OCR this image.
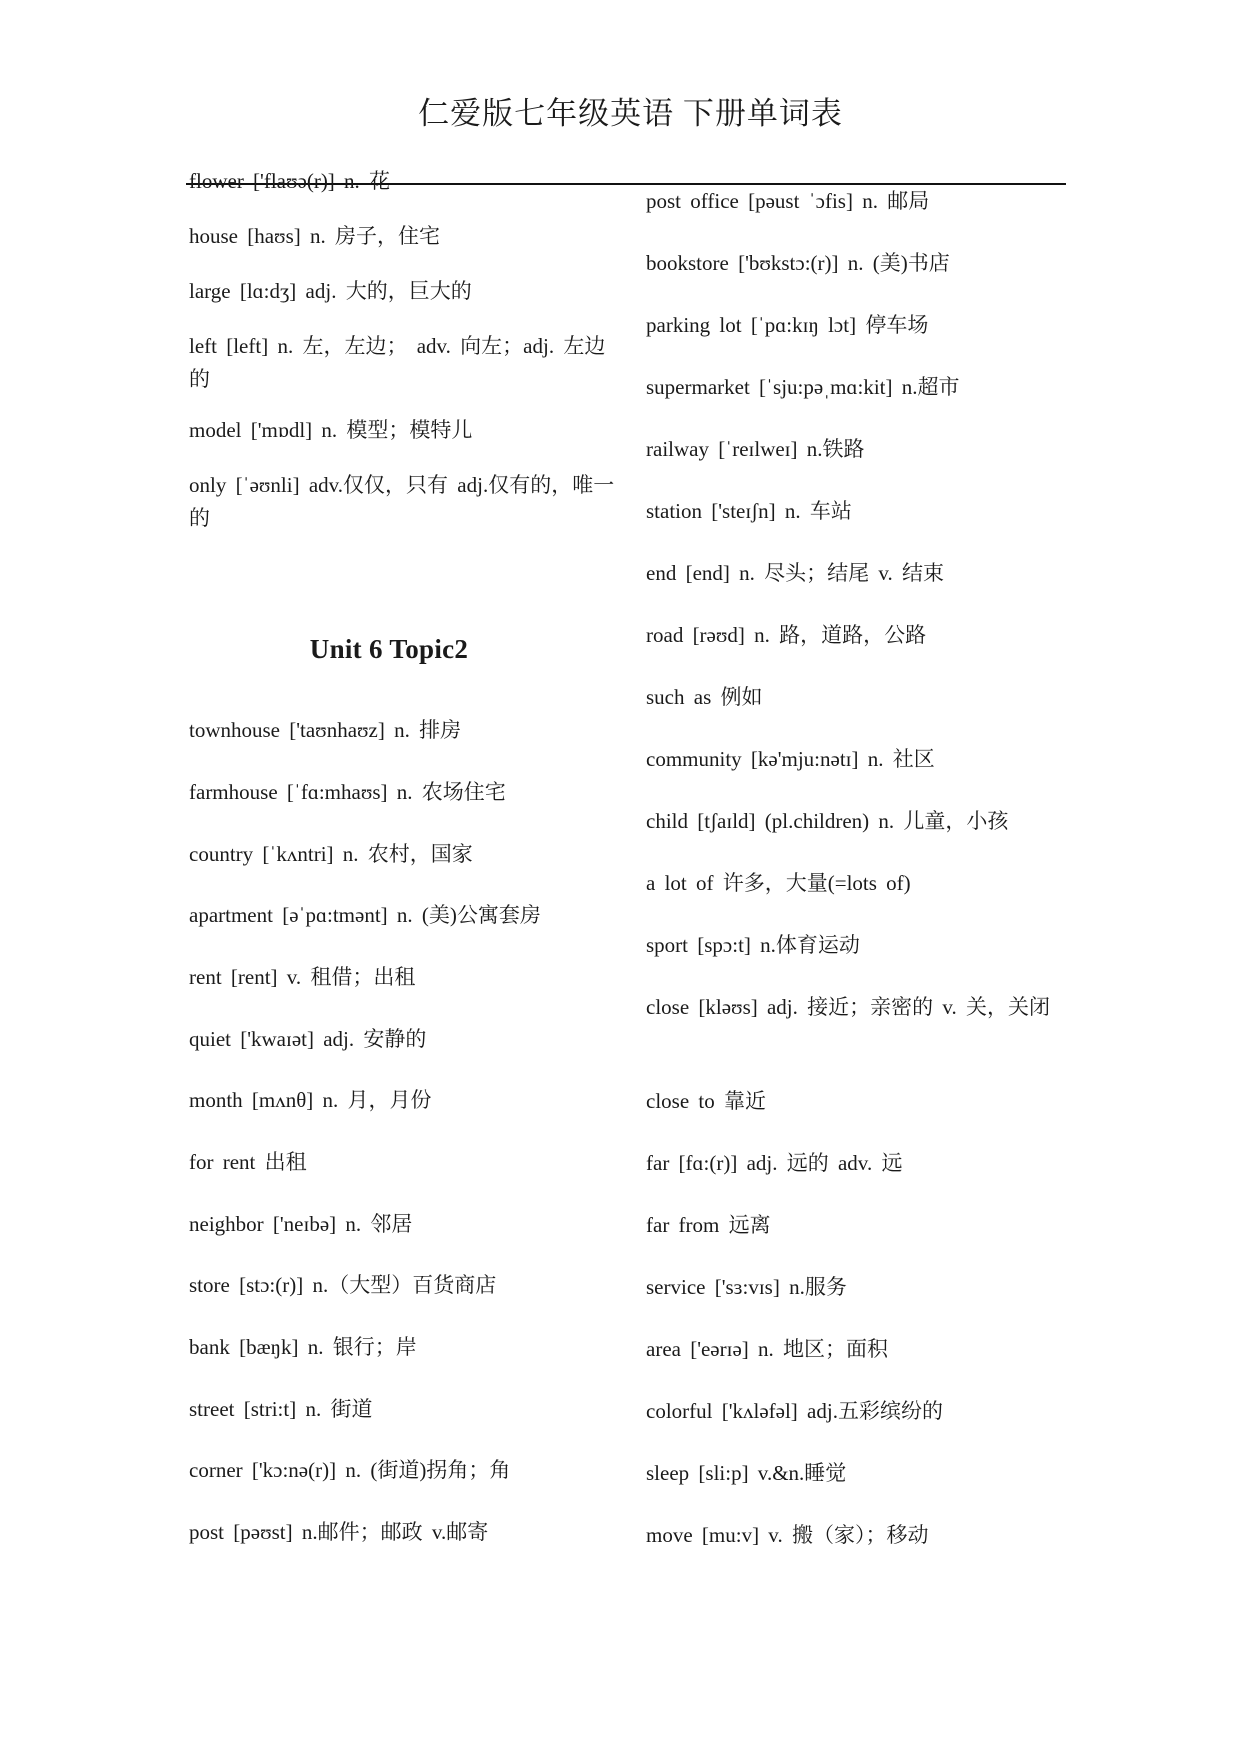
仁爱版七年级英语 下册单词表
flower ['flaʊə(r)] n. 花
house [haʊs] n. 房子，住宅
large [lɑ:dʒ] adj. 大的，巨大的
left [left] n. 左，左边； adv. 向左；adj. 左边的
model ['mɒdl] n. 模型；模特儿
only [ˈəʊnli] adv.仅仅，只有 adj.仅有的，唯一的
Unit 6 Topic2
townhouse ['taʊnhaʊz] n. 排房
farmhouse [ˈfɑ:mhaʊs] n. 农场住宅
country [ˈkʌntri] n. 农村，国家
apartment [əˈpɑ:tmənt] n. (美)公寓套房
rent [rent] v. 租借；出租
quiet ['kwaɪət] adj. 安静的
month [mʌnθ] n. 月，月份
for rent 出租
neighbor ['neɪbə] n. 邻居
store [stɔ:(r)] n.（大型）百货商店
bank [bæŋk] n. 银行；岸
street [stri:t] n. 街道
corner ['kɔ:nə(r)] n. (街道)拐角；角
post [pəʊst] n.邮件；邮政 v.邮寄
post office [pəust ˈɔfis] n. 邮局
bookstore ['bʊkstɔ:(r)] n. (美)书店
parking lot [ˈpɑ:kɪŋ lɔt] 停车场
supermarket [ˈsju:pəˌmɑ:kit] n.超市
railway [ˈreɪlweɪ] n.铁路
station ['steɪʃn] n. 车站
end [end] n. 尽头；结尾 v. 结束
road [rəʊd] n. 路，道路，公路
such as 例如
community [kə'mju:nətɪ] n. 社区
child [tʃaɪld] (pl.children) n. 儿童，小孩
a lot of 许多，大量(=lots of)
sport [spɔ:t] n.体育运动
close [kləʊs] adj. 接近；亲密的 v. 关，关闭
close to 靠近
far [fɑ:(r)] adj. 远的 adv. 远
far from 远离
service ['sɜ:vɪs] n.服务
area ['eərɪə] n. 地区；面积
colorful ['kʌləfəl] adj.五彩缤纷的
sleep [sli:p] v.&n.睡觉
move [mu:v] v. 搬（家）；移动
